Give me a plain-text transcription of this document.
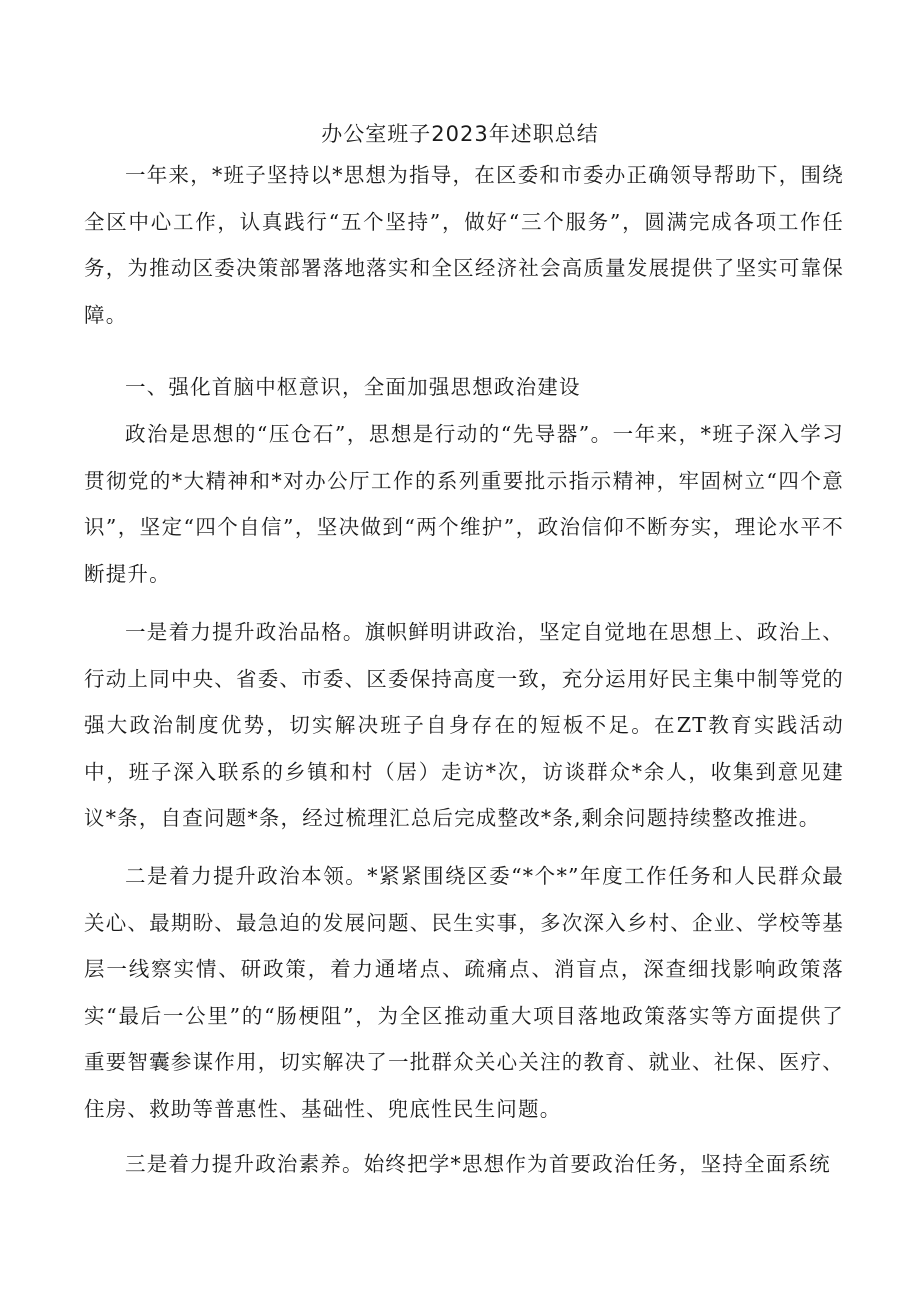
办公室班子2023年述职总结

一年来，*班子坚持以*思想为指导，在区委和市委办正确领导帮助下，围绕全区中心工作，认真践行“五个坚持”，做好“三个服务”，圆满完成各项工作任务，为推动区委决策部署落地落实和全区经济社会高质量发展提供了坚实可靠保障。

一、强化首脑中枢意识，全面加强思想政治建设

政治是思想的“压仓石”，思想是行动的“先导器”。一年来，*班子深入学习贯彻党的*大精神和*对办公厅工作的系列重要批示指示精神，牢固树立“四个意识”，坚定“四个自信”，坚决做到“两个维护”，政治信仰不断夯实，理论水平不断提升。

一是着力提升政治品格。旗帜鲜明讲政治，坚定自觉地在思想上、政治上、行动上同中央、省委、市委、区委保持高度一致，充分运用好民主集中制等党的强大政治制度优势，切实解决班子自身存在的短板不足。在ZT教育实践活动中，班子深入联系的乡镇和村（居）走访*次，访谈群众*余人，收集到意见建议*条，自查问题*条，经过梳理汇总后完成整改*条,剩余问题持续整改推进。

二是着力提升政治本领。*紧紧围绕区委“*个*”年度工作任务和人民群众最关心、最期盼、最急迫的发展问题、民生实事，多次深入乡村、企业、学校等基层一线察实情、研政策，着力通堵点、疏痛点、消盲点，深查细找影响政策落实“最后一公里”的“肠梗阻”，为全区推动重大项目落地政策落实等方面提供了重要智囊参谋作用，切实解决了一批群众关心关注的教育、就业、社保、医疗、住房、救助等普惠性、基础性、兜底性民生问题。

三是着力提升政治素养。始终把学*思想作为首要政治任务，坚持全面系统
